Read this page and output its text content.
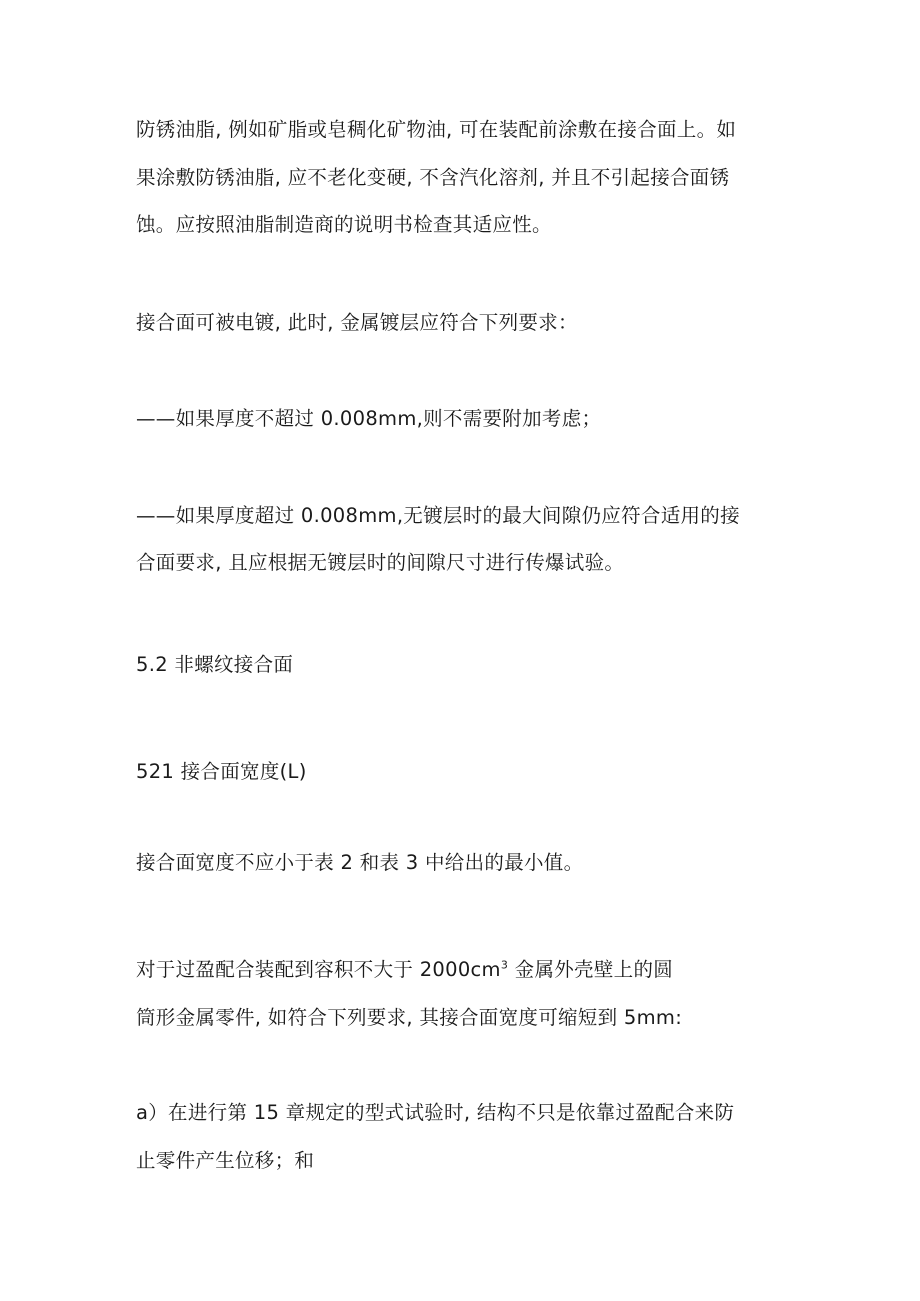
防锈油脂, 例如矿脂或皂稠化矿物油, 可在装配前涂敷在接合面上。如
果涂敷防锈油脂, 应不老化变硬, 不含汽化溶剂, 并且不引起接合面锈
蚀。应按照油脂制造商的说明书检查其适应性。
接合面可被电镀, 此时, 金属镀层应符合下列要求：
——如果厚度不超过 0.008mm,则不需要附加考虑；
——如果厚度超过 0.008mm,无镀层时的最大间隙仍应符合适用的接
合面要求, 且应根据无镀层时的间隙尺寸进行传爆试验。
5.2 非螺纹接合面
521 接合面宽度(L)
接合面宽度不应小于表 2 和表 3 中给出的最小值。
对于过盈配合装配到容积不大于 $2000cm^3$ 金属外壳壁上的圆
筒形金属零件, 如符合下列要求, 其接合面宽度可缩短到 5mm:
a）在进行第 15 章规定的型式试验时, 结构不只是依靠过盈配合来防
止零件产生位移；和
